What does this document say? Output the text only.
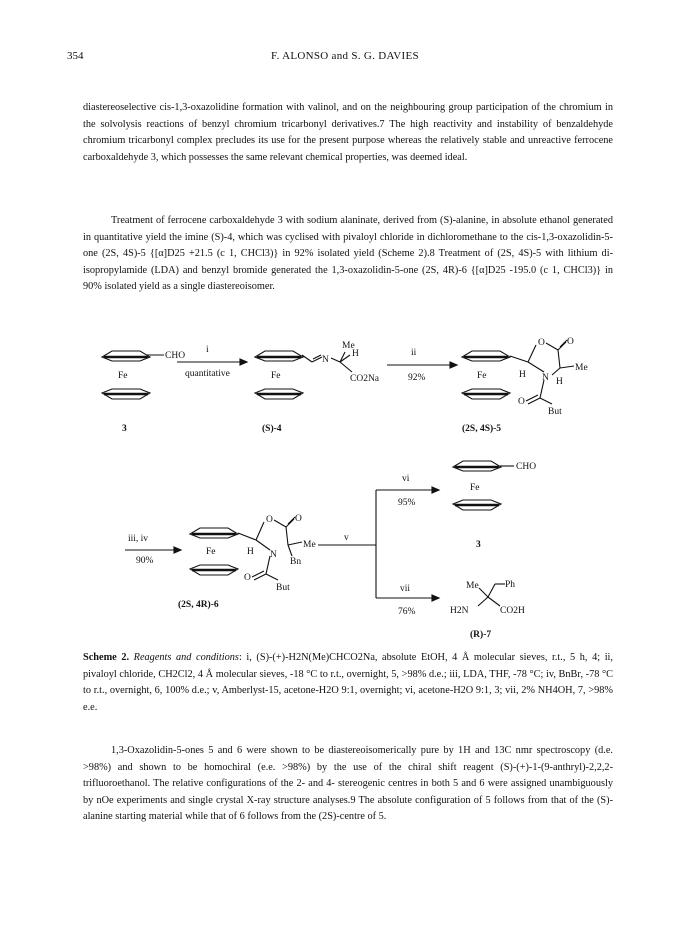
354	F. ALONSO and S. G. DAVIES

diastereoselective cis-1,3-oxazolidine formation with valinol, and on the neighbouring group participation of the chromium in the solvolysis reactions of benzyl chromium tricarbonyl derivatives.7 The high reactivity and instability of benzaldehyde chromium tricarbonyl complex precludes its use for the present purpose whereas the relatively stable and unreactive ferrocene carboxaldehyde 3, which possesses the same relevant chemical properties, was deemed ideal.

Treatment of ferrocene carboxaldehyde 3 with sodium alaninate, derived from (S)-alanine, in absolute ethanol generated in quantitative yield the imine (S)-4, which was cyclised with pivaloyl chloride in dichloromethane to the cis-1,3-oxazolidin-5-one (2S, 4S)-5 {[α]D25 +21.5 (c 1, CHCl3)} in 92% isolated yield (Scheme 2).8 Treatment of (2S, 4S)-5 with lithium di-isopropylamide (LDA) and benzyl bromide generated the 1,3-oxazolidin-5-one (2S, 4R)-6 {[α]D25 -195.0 (c 1, CHCl3)} in 90% isolated yield as a single diastereoisomer.

CHO
Fe
3
i
quantitative	Fe
N
Me
H
CO2Na
(S)-4
ii
92%	Fe	H
O O
N
Me
H
O
But
(2S, 4S)-5
iii, iv
90%
Fe	H
O O
N
Me
Bn
O
But
(2S, 4R)-6
v
vi
95%
CHO
Fe
3
vii
76%
Me	Ph
H2N	CO2H
(R)-7

Scheme 2. Reagents and conditions: i, (S)-(+)-H2N(Me)CHCO2Na, absolute EtOH, 4 Å molecular sieves, r.t., 5 h, 4; ii, pivaloyl chloride, CH2Cl2, 4 Å molecular sieves, -18 °C to r.t., overnight, 5, >98% d.e.; iii, LDA, THF, -78 °C; iv, BnBr, -78 °C to r.t., overnight, 6, 100% d.e.; v, Amberlyst-15, acetone-H2O 9:1, overnight; vi, acetone-H2O 9:1, 3; vii, 2% NH4OH, 7, >98% e.e.

1,3-Oxazolidin-5-ones 5 and 6 were shown to be diastereoisomerically pure by 1H and 13C nmr spectroscopy (d.e. >98%) and shown to be homochiral (e.e. >98%) by the use of the chiral shift reagent (S)-(+)-1-(9-anthryl)-2,2,2-trifluoroethanol. The relative configurations of the 2- and 4- stereogenic centres in both 5 and 6 were assigned unambiguously by nOe experiments and single crystal X-ray structure analyses.9 The absolute configuration of 5 follows from that of the (S)-alanine starting material while that of 6 follows from the (2S)-centre of 5.
